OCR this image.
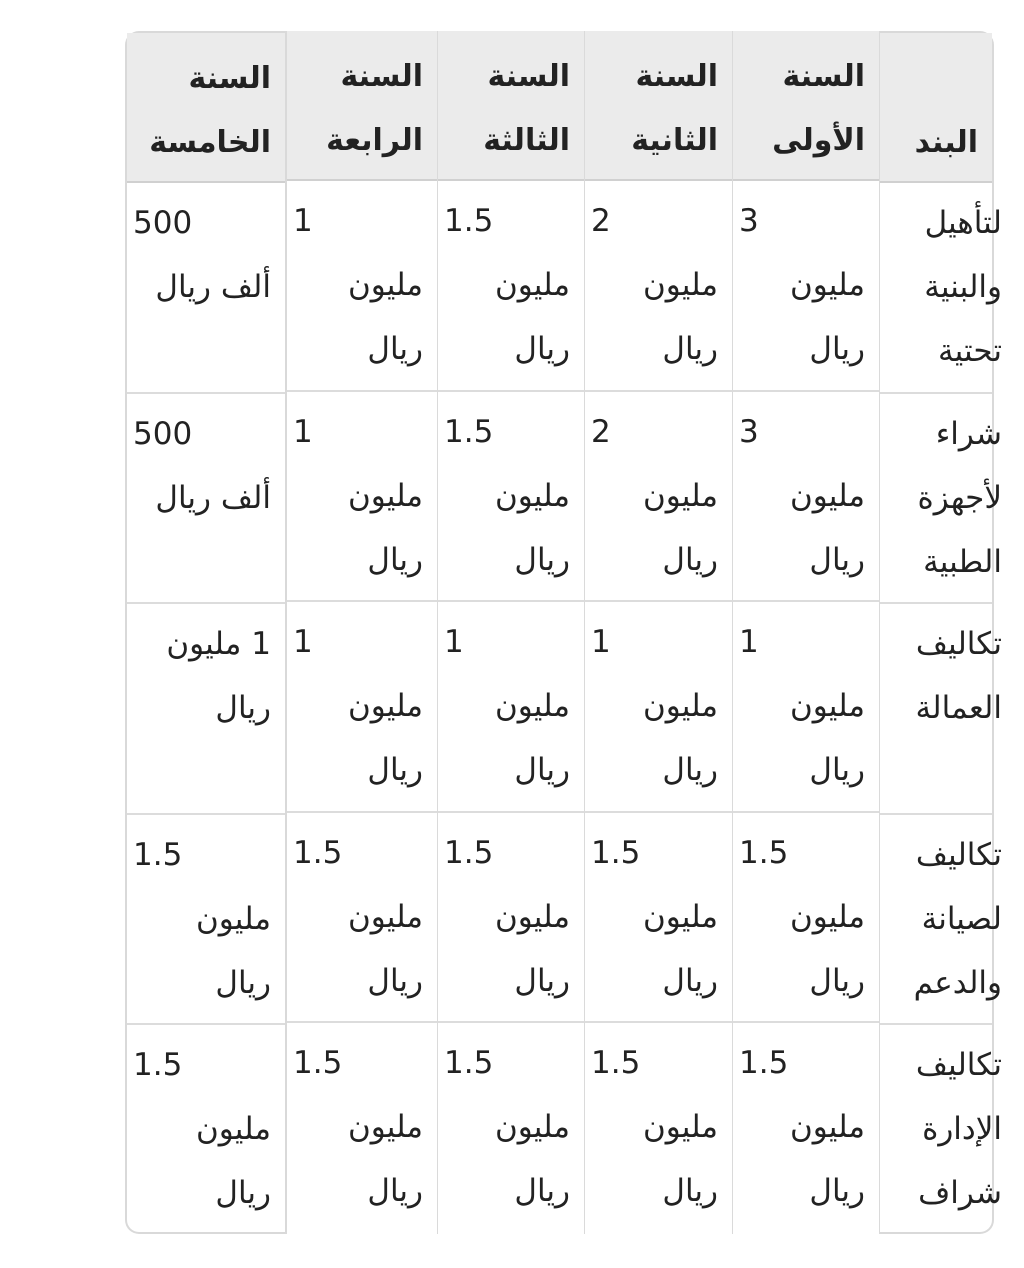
البند
لتأهيل
والبنية
تحتية
شراء
لأجهزة
الطبية
تكاليف
العمالة
تكاليف
لصيانة
والدعم
تكاليف
الإدارة
شراف
السنة
الأولى
3
مليون
ريال
3
مليون
ريال
1
مليون
ريال
1.5
مليون
ريال
1.5
مليون
ريال
السنة
الثانية
2
مليون
ريال
2
مليون
ريال
1
مليون
ريال
1.5
مليون
ريال
1.5
مليون
ريال
السنة
الثالثة
1.5
مليون
ريال
1.5
مليون
ريال
1
مليون
ريال
1.5
مليون
ريال
1.5
مليون
ريال
السنة
الرابعة
1
مليون
ريال
1
مليون
ريال
1
مليون
ريال
1.5
مليون
ريال
1.5
مليون
ريال
السنة
الخامسة
500
ألف ريال
500
ألف ريال
1 مليون
ريال
1.5
مليون
ريال
1.5
مليون
ريال
